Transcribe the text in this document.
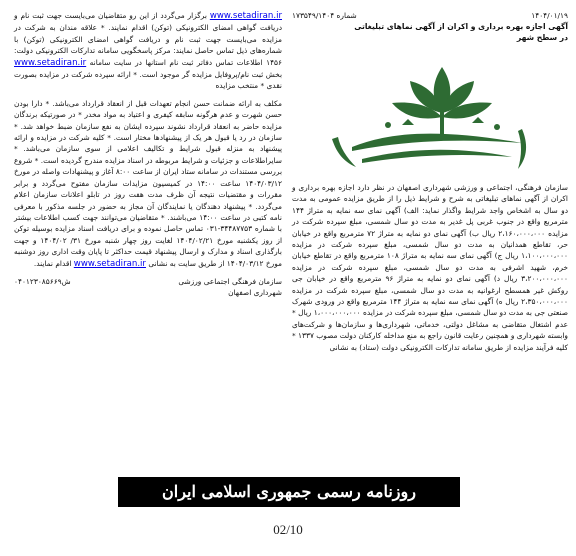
۱۴۰۴/۰۱/۱۹
شماره ۱۷۳۵۴۹/۱۴۰۴
آگهی اجازه بهره برداری و اکران از آگهی نماهای تبلیغاتی
در سطح شهر

سازمان فرهنگی، اجتماعی و ورزشی شهرداری اصفهان در نظر دارد اجازه بهره برداری و اکران از آگهی نماهای تبلیغاتی به شرح و شرایط ذیل را از طریق مزایده عمومی به مدت دو سال به اشخاص واجد شرایط واگذار نماید: الف) آگهی نمای سه نمایه به متراژ ۱۴۴ مترمربع واقع در جنوب غربی پل غدیر به مدت دو سال شمسی، مبلغ سپرده شرکت در مزایده ۲،۱۶۰،۰۰۰،۰۰۰ ریال ب) آگهی نمای دو نمایه به متراژ ۷۲ مترمربع واقع در خیابان حر، تقاطع همدانیان به مدت دو سال شمسی، مبلغ سپرده شرکت در مزایده ۱،۱۰۰،۰۰۰،۰۰۰ ریال ج) آگهی نمای سه نمایه به متراژ ۱۰۸ مترمربع واقع در تقاطع خیابان خرم، شهید اشرفی به مدت دو سال شمسی، مبلغ سپرده شرکت در مزایده ۳،۲۰۰،۰۰۰،۰۰۰ ریال د) آگهی نمای دو نمایه به متراژ ۹۶ مترمربع واقع در خیابان جی روکش غیر همسطح ارغوانیه به مدت دو سال شمسی، مبلغ سپرده شرکت در مزایده ۲،۳۵۰،۰۰۰،۰۰۰ ریال ه) آگهی نمای سه نمایه به متراژ ۱۴۴ مترمربع واقع در ورودی شهرک صنعتی جی به مدت دو سال شمسی، مبلغ سپرده شرکت در مزایده ۱،۰۰۰،۰۰۰،۰۰۰ ریال * عدم اشتغال متقاضی به مشاغل دولتی، خدماتی، شهرداری‌ها و سازمان‌ها و شرکت‌های وابسته شهرداری و همچنین رعایت قانون راجع به منع مداخله کارکنان دولت مصوب ۱۳۳۷ * کلیه فرآیند مزایده از طریق سامانه تدارکات الکترونیکی دولت (ستاد) به نشانی

www.setadiran.ir برگزار می‌گردد از این رو متقاضیان می‌بایست جهت ثبت نام و دریافت گواهی امضای الکترونیکی (توکن) اقدام نمایند. * علاقه مندان به شرکت در مزایده می‌بایست جهت ثبت نام و دریافت گواهی امضای الکترونیکی (توکن) با شماره‌های ذیل تماس حاصل نمایند: مرکز پاسخگویی سامانه تدارکات الکترونیکی دولت: ۱۴۵۶ اطلاعات تماس دفاتر ثبت نام استانها در سایت سامانه www.setadiran.ir بخش ثبت نام/پروفایل مزایده گر موجود است. * ارائه سپرده شرکت در مزایده بصورت نقدی * منتخب مزایده

مکلف به ارائه ضمانت حسن انجام تعهدات قبل از انعقاد قرارداد می‌باشد. * دارا بودن حسن شهرت و عدم هرگونه سابقه کیفری و اعتیاد به مواد مخدر * در صورتیکه برندگان مزایده حاضر به انعقاد قرارداد نشوند سپرده ایشان به نفع سازمان ضبط خواهد شد. * سازمان در رد یا قبول هر یک از پیشنهادها مختار است. * کلیه شرکت در مزایده و ارائه پیشنهاد به منزله قبول شرایط و تکالیف اعلامی از سوی سازمان می‌باشد. * سایراطلاعات و جزئیات و شرایط مربوطه در اسناد مزایده مندرج گردیده است. * شروع بررسی مستندات در سامانه ستاد ایران از ساعت ۸:۰۰ آغاز و پیشنهادات واصله در مورخ ۱۴۰۴/۰۳/۱۲ ساعت ۱۴:۰۰ در کمیسیون مزایدات سازمان مفتوح می‌گردد و برابر مقررات و مقتضیات نتیجه آن ظرف مدت هفت روز در تابلو اعلانات سازمان اعلام می‌گردد. * پیشنهاد دهندگان یا نمایندگان آن مجاز به حضور در جلسه مذکور با معرفی نامه کتبی در ساعت ۱۴:۰۰ می‌باشند. * متقاضیان می‌توانند جهت کسب اطلاعات بیشتر با شماره ۳۴۴۸۷۷۵۳-۰۳۱ تماس حاصل نموده و برای دریافت اسناد مزایده بوسیله توکن از روز یکشنبه مورخ ۱۴۰۴/۰۲/۲۱ لغایت روز چهار شنبه مورخ ۳۱/ ۱۴۰۴/۰۲ و جهت بارگذاری اسناد و مدارک و ارسال پیشنهاد قیمت حداکثر تا پایان وقت اداری روز دوشنبه مورخ ۱۴۰۴/۰۳/۱۲ از طریق سایت به نشانی www.setadiran.ir اقدام نمایند.

سازمان فرهنگی اجتماعی ورزشی
ش۰۴۰۱۲۳۰۸۵۶۶۹
شهرداری اصفهان
روزنامه رسمی جمهوری اسلامی ایران
02/10
